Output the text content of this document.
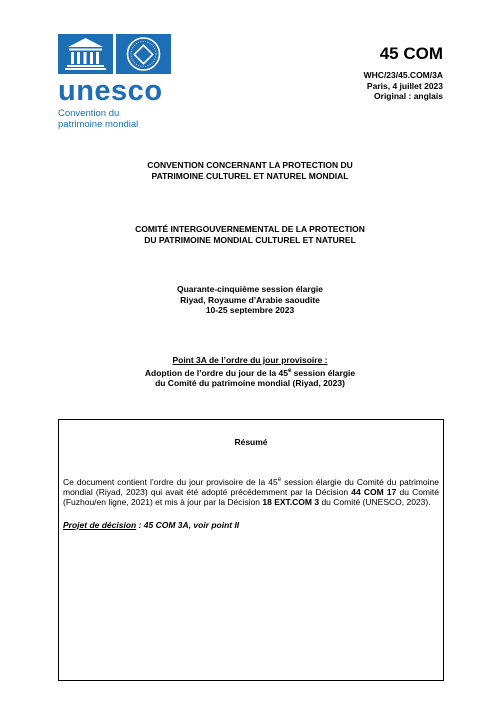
unesco
Convention du
patrimoine mondial
45 COM
WHC/23/45.COM/3A
Paris, 4 juillet 2023
Original : anglais
CONVENTION CONCERNANT LA PROTECTION DU
PATRIMOINE CULTUREL ET NATUREL MONDIAL
COMITÉ INTERGOUVERNEMENTAL DE LA PROTECTION
DU PATRIMOINE MONDIAL CULTUREL ET NATUREL
Quarante-cinquième session élargie
Riyad, Royaume d’Arabie saoudite
10-25 septembre 2023
Point 3A de l’ordre du jour provisoire :
Adoption de l’ordre du jour de la 45e session élargie
du Comité du patrimoine mondial (Riyad, 2023)
Résumé
Ce document contient l’ordre du jour provisoire de la 45e session élargie du Comité du patrimoine mondial (Riyad, 2023) qui avait été adopté précédemment par la Décision 44 COM 17 du Comité (Fuzhou/en ligne, 2021) et mis à jour par la Décision 18 EXT.COM 3 du Comité (UNESCO, 2023).
Projet de décision : 45 COM 3A, voir point II
